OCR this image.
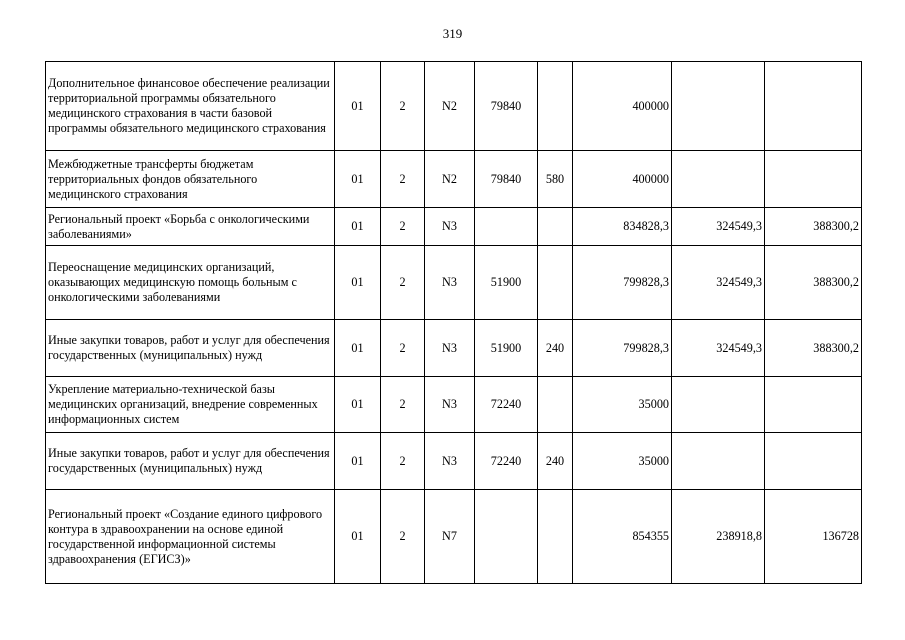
319
Дополнительное финансовое обеспечение реализации территориальной программы обязательного медицинского страхования в части базовой программы обязательного медицинского страхования	01	2	N2	79840		400000		
Межбюджетные трансферты бюджетам территориальных фондов обязательного медицинского страхования	01	2	N2	79840	580	400000		
Региональный проект «Борьба с онкологическими заболеваниями»	01	2	N3			834828,3	324549,3	388300,2
Переоснащение медицинских организаций, оказывающих медицинскую помощь больным с онкологическими заболеваниями	01	2	N3	51900		799828,3	324549,3	388300,2
Иные закупки товаров, работ и услуг для обеспечения государственных (муниципальных) нужд	01	2	N3	51900	240	799828,3	324549,3	388300,2
Укрепление материально-технической базы медицинских организаций, внедрение современных информационных систем	01	2	N3	72240		35000		
Иные закупки товаров, работ и услуг для обеспечения государственных (муниципальных) нужд	01	2	N3	72240	240	35000		
Региональный проект «Создание единого цифрового контура в здравоохранении на основе единой государственной информационной системы здравоохранения (ЕГИСЗ)»	01	2	N7			854355	238918,8	136728
